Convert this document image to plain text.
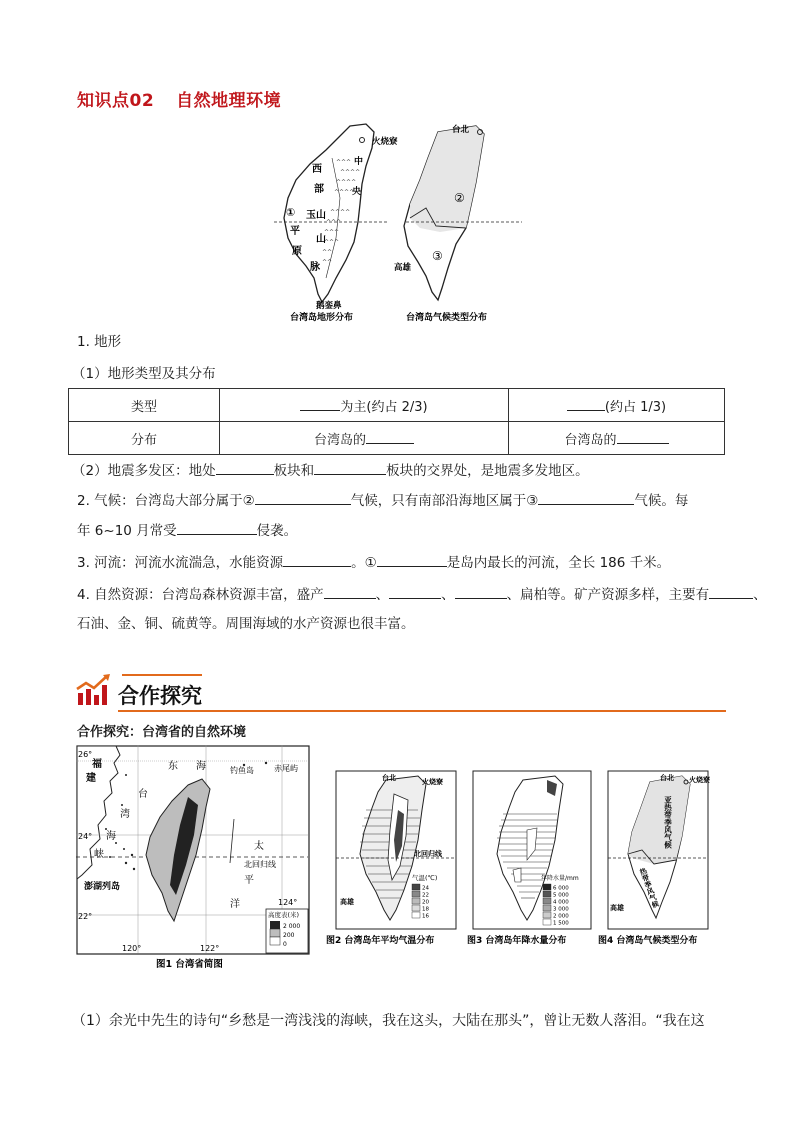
知识点02 自然地理环境
^^^
^^^^
^^^^
^^^^
^^^^
^^^
^^^
^^^
^^
^^
火烧寮
西
部
①
平
原
玉 山
山
脉
中
央
鹅銮鼻
台湾岛地形分布
台北
②
③
高雄
台湾岛气候类型分布
1. 地形
（1）地形类型及其分布
类型	为主(约占 2/3)	(约占 1/3)
分布	台湾岛的	台湾岛的
（2）地震多发区：地处	板块和	板块的交界处，是地震多发地区。
2. 气候：台湾岛大部分属于②	气候，只有南部沿海地区属于③	气候。每
年 6~10 月常受	侵袭。
3. 河流：河流水流湍急，水能资源	。①	是岛内最长的河流，全长 186 千米。
4. 自然资源：台湾岛森林资源丰富，盛产	、	、	、扁柏等。矿产资源多样，主要有	、
石油、金、铜、硫黄等。周围海域的水产资源也很丰富。
合作探究
合作探究：台湾省的自然环境
26°
24°
22°
120°	122°
124°
福
建
台
湾
海
峡
东 海	钓鱼岛	赤尾屿
太
平
洋
北回归线
澎湖列岛
高度表(米)
2 000
200
0
图1 台湾省简图
台北	火烧寮
北回归线
高雄
气温(℃)
24
22
20
18
16
图2 台湾岛年平均气温分布
年降水量/mm
6 000
5 000
4 000
3 000
2 000
1 500
图3 台湾岛年降水量分布
台北 火烧寮
高雄
亚热带季风气候
热带季风气候
图4 台湾岛气候类型分布
（1）余光中先生的诗句“乡愁是一湾浅浅的海峡，我在这头，大陆在那头”，曾让无数人落泪。“我在这
